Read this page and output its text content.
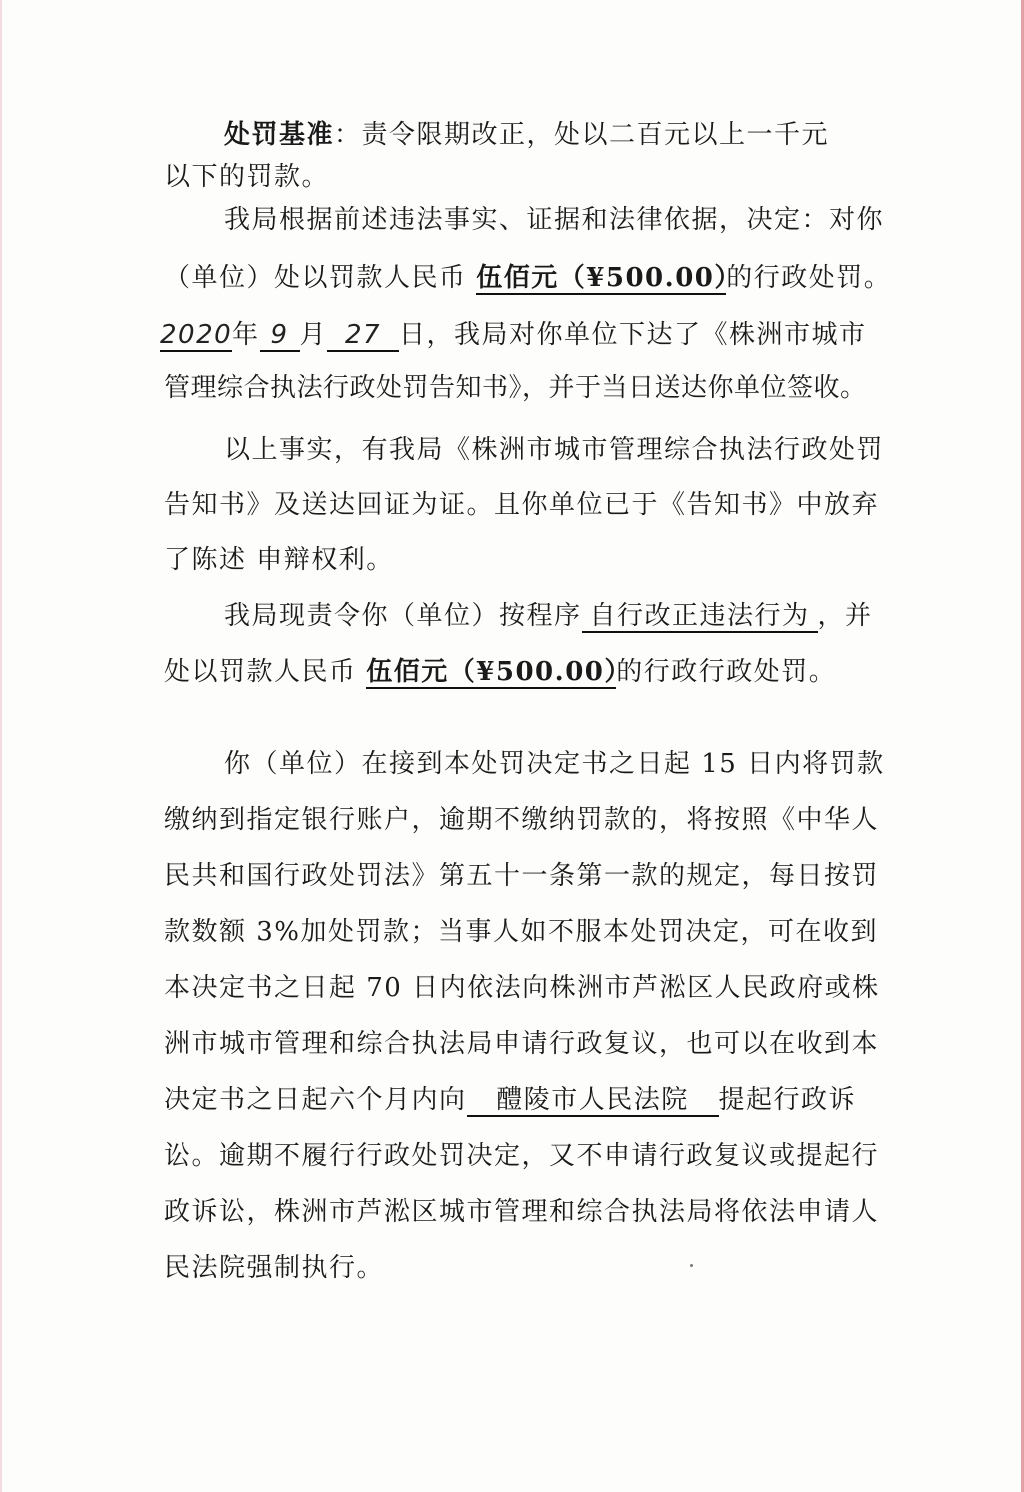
处罚基准：责令限期改正，处以二百元以上一千元
以下的罚款。
我局根据前述违法事实、证据和法律依据，决定：对你
（单位）处以罚款人民币 伍佰元（¥500.00）的行政处罚。
2020年 9 月 27 日，我局对你单位下达了《株洲市城市
管理综合执法行政处罚告知书》，并于当日送达你单位签收。
以上事实，有我局《株洲市城市管理综合执法行政处罚
告知书》及送达回证为证。且你单位已于《告知书》中放弃
了陈述 申辩权利。
我局现责令你（单位）按程序 自行改正违法行为 ，并
处以罚款人民币 伍佰元（¥500.00）的行政行政处罚。
你（单位）在接到本处罚决定书之日起 15 日内将罚款
缴纳到指定银行账户，逾期不缴纳罚款的，将按照《中华人
民共和国行政处罚法》第五十一条第一款的规定，每日按罚
款数额 3%加处罚款；当事人如不服本处罚决定，可在收到
本决定书之日起 70 日内依法向株洲市芦淞区人民政府或株
洲市城市管理和综合执法局申请行政复议，也可以在收到本
决定书之日起六个月内向 醴陵市人民法院 提起行政诉
讼。逾期不履行行政处罚决定，又不申请行政复议或提起行
政诉讼，株洲市芦淞区城市管理和综合执法局将依法申请人
民法院强制执行。
